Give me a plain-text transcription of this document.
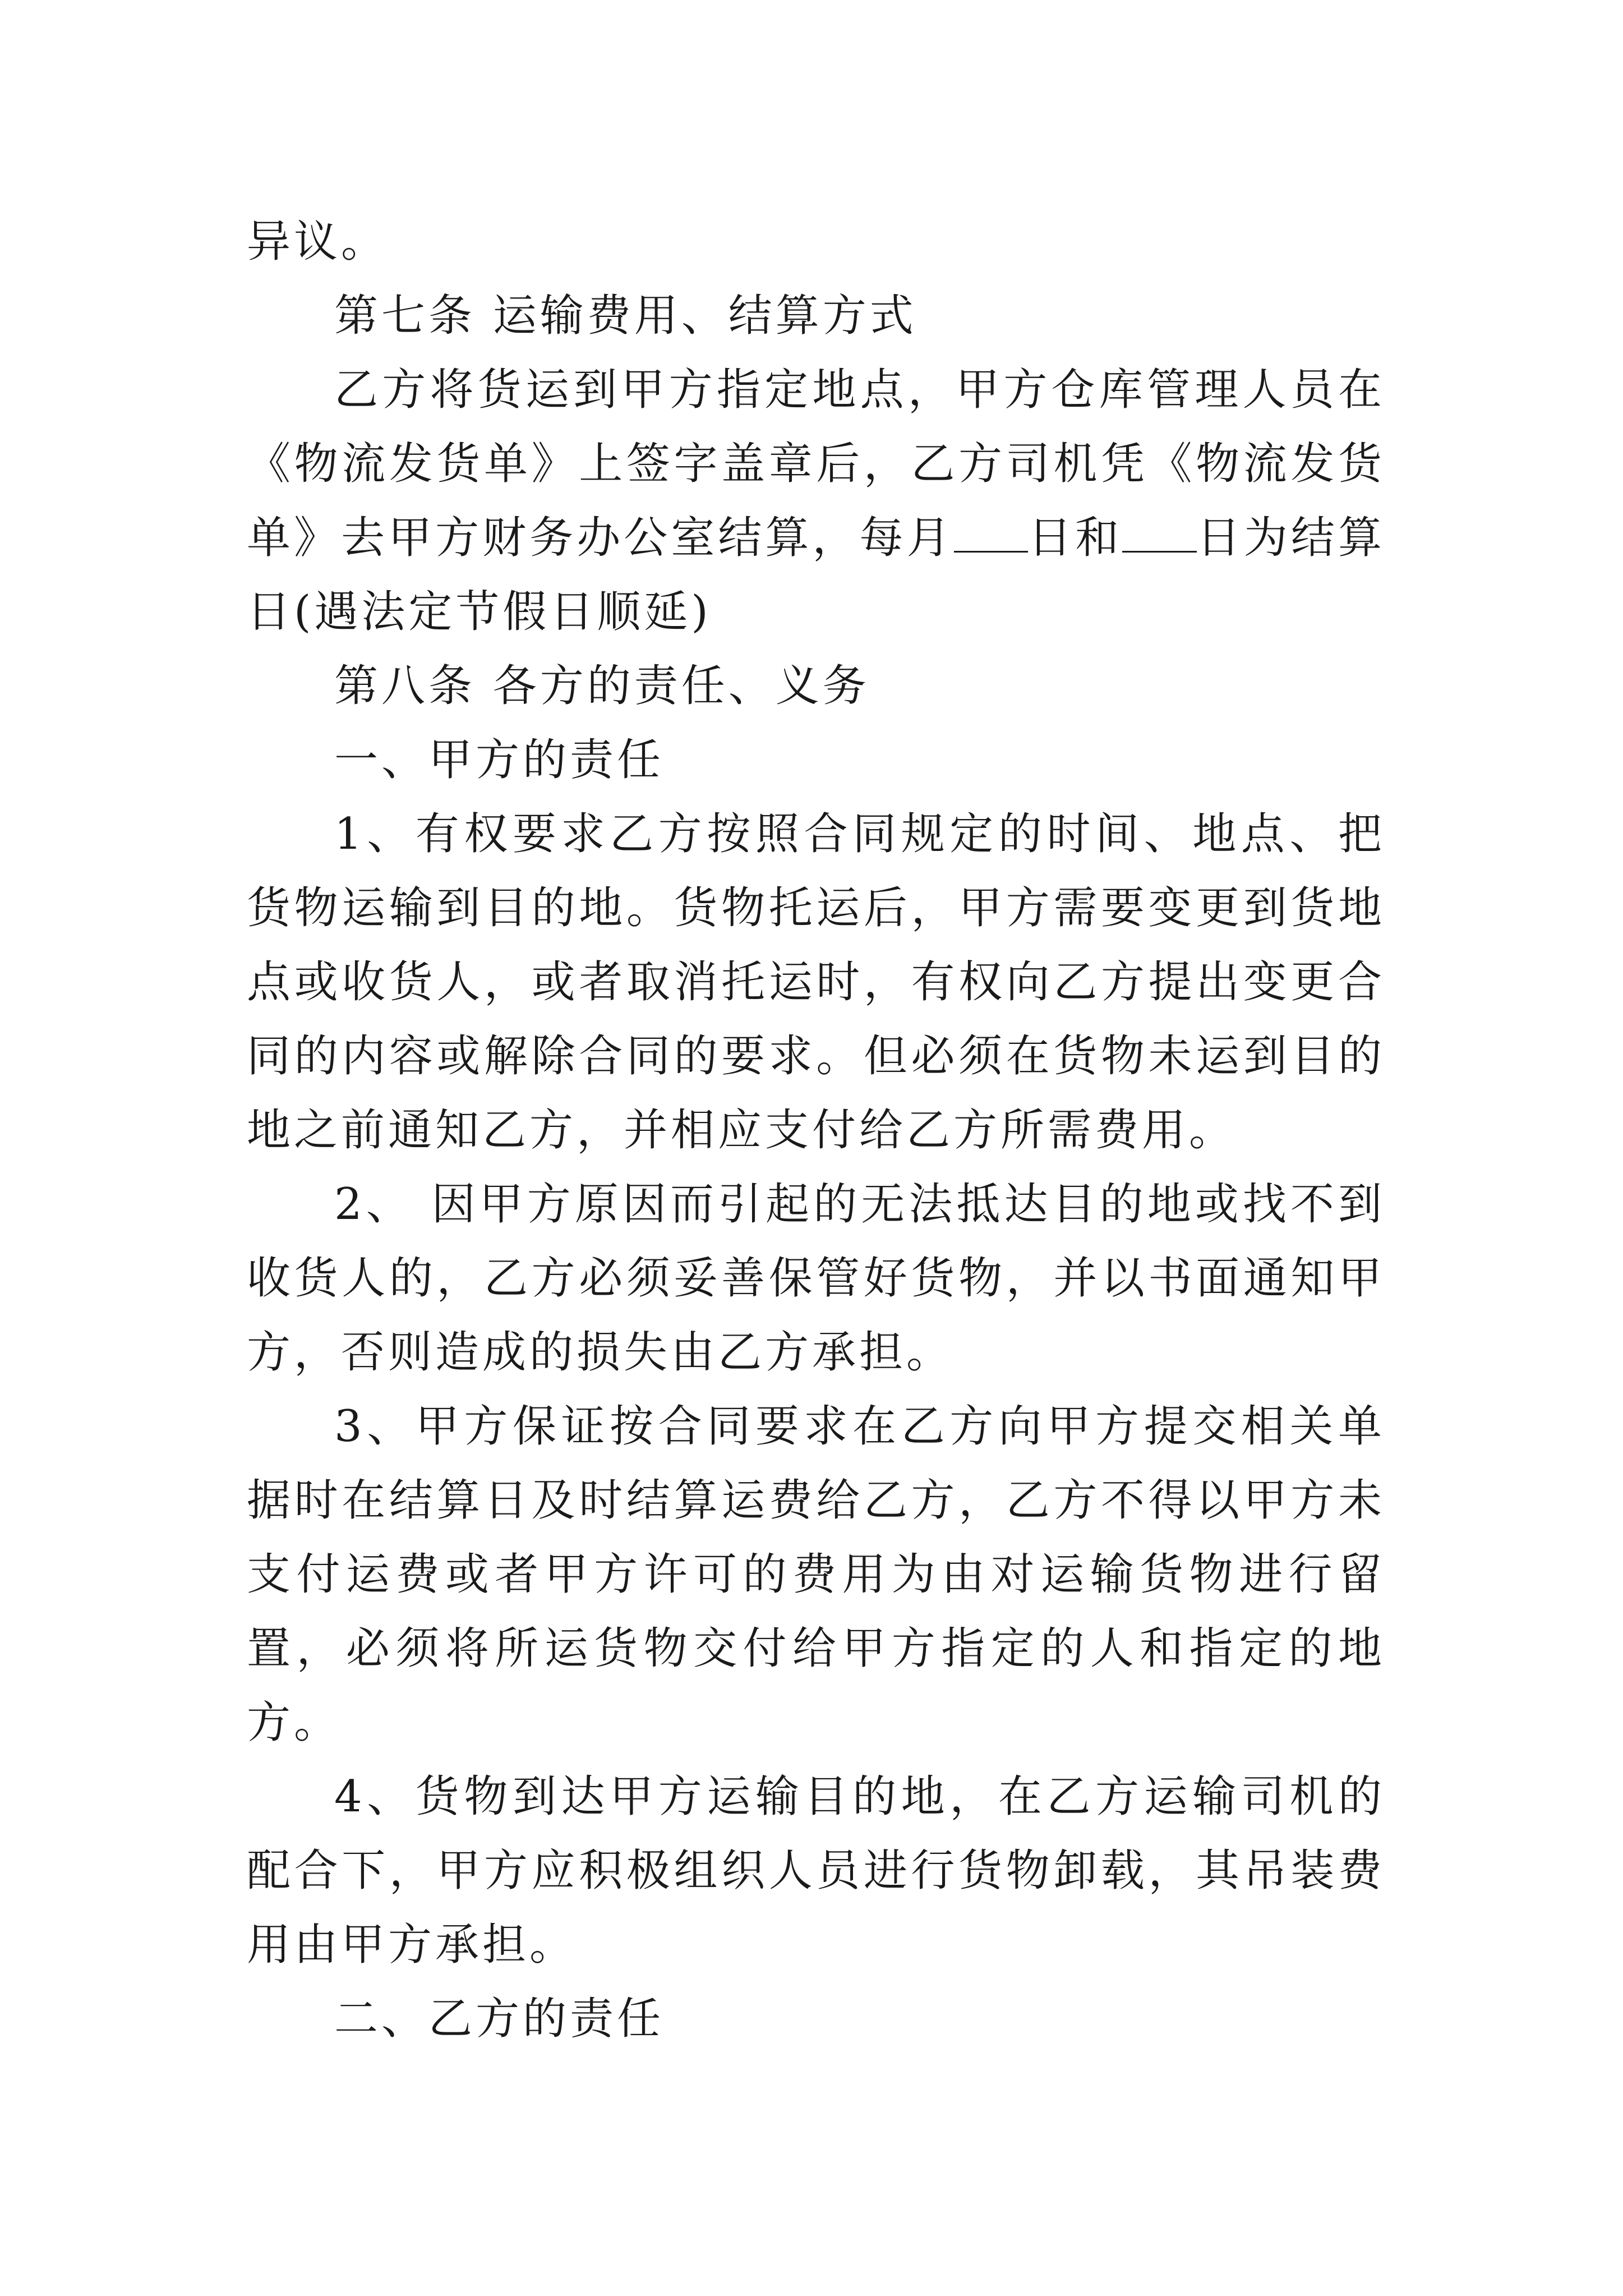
异议。

第七条 运输费用、结算方式

乙方将货运到甲方指定地点，甲方仓库管理人员在《物流发货单》上签字盖章后，乙方司机凭《物流发货单》去甲方财务办公室结算，每月 日和 日为结算日(遇法定节假日顺延)

第八条 各方的责任、义务

一、甲方的责任

1、有权要求乙方按照合同规定的时间、地点、把货物运输到目的地。货物托运后，甲方需要变更到货地点或收货人，或者取消托运时，有权向乙方提出变更合同的内容或解除合同的要求。但必须在货物未运到目的地之前通知乙方，并相应支付给乙方所需费用。

2、 因甲方原因而引起的无法抵达目的地或找不到收货人的，乙方必须妥善保管好货物，并以书面通知甲方，否则造成的损失由乙方承担。

3、甲方保证按合同要求在乙方向甲方提交相关单据时在结算日及时结算运费给乙方，乙方不得以甲方未支付运费或者甲方许可的费用为由对运输货物进行留置，必须将所运货物交付给甲方指定的人和指定的地方。

4、货物到达甲方运输目的地，在乙方运输司机的配合下，甲方应积极组织人员进行货物卸载，其吊装费用由甲方承担。

二、乙方的责任
